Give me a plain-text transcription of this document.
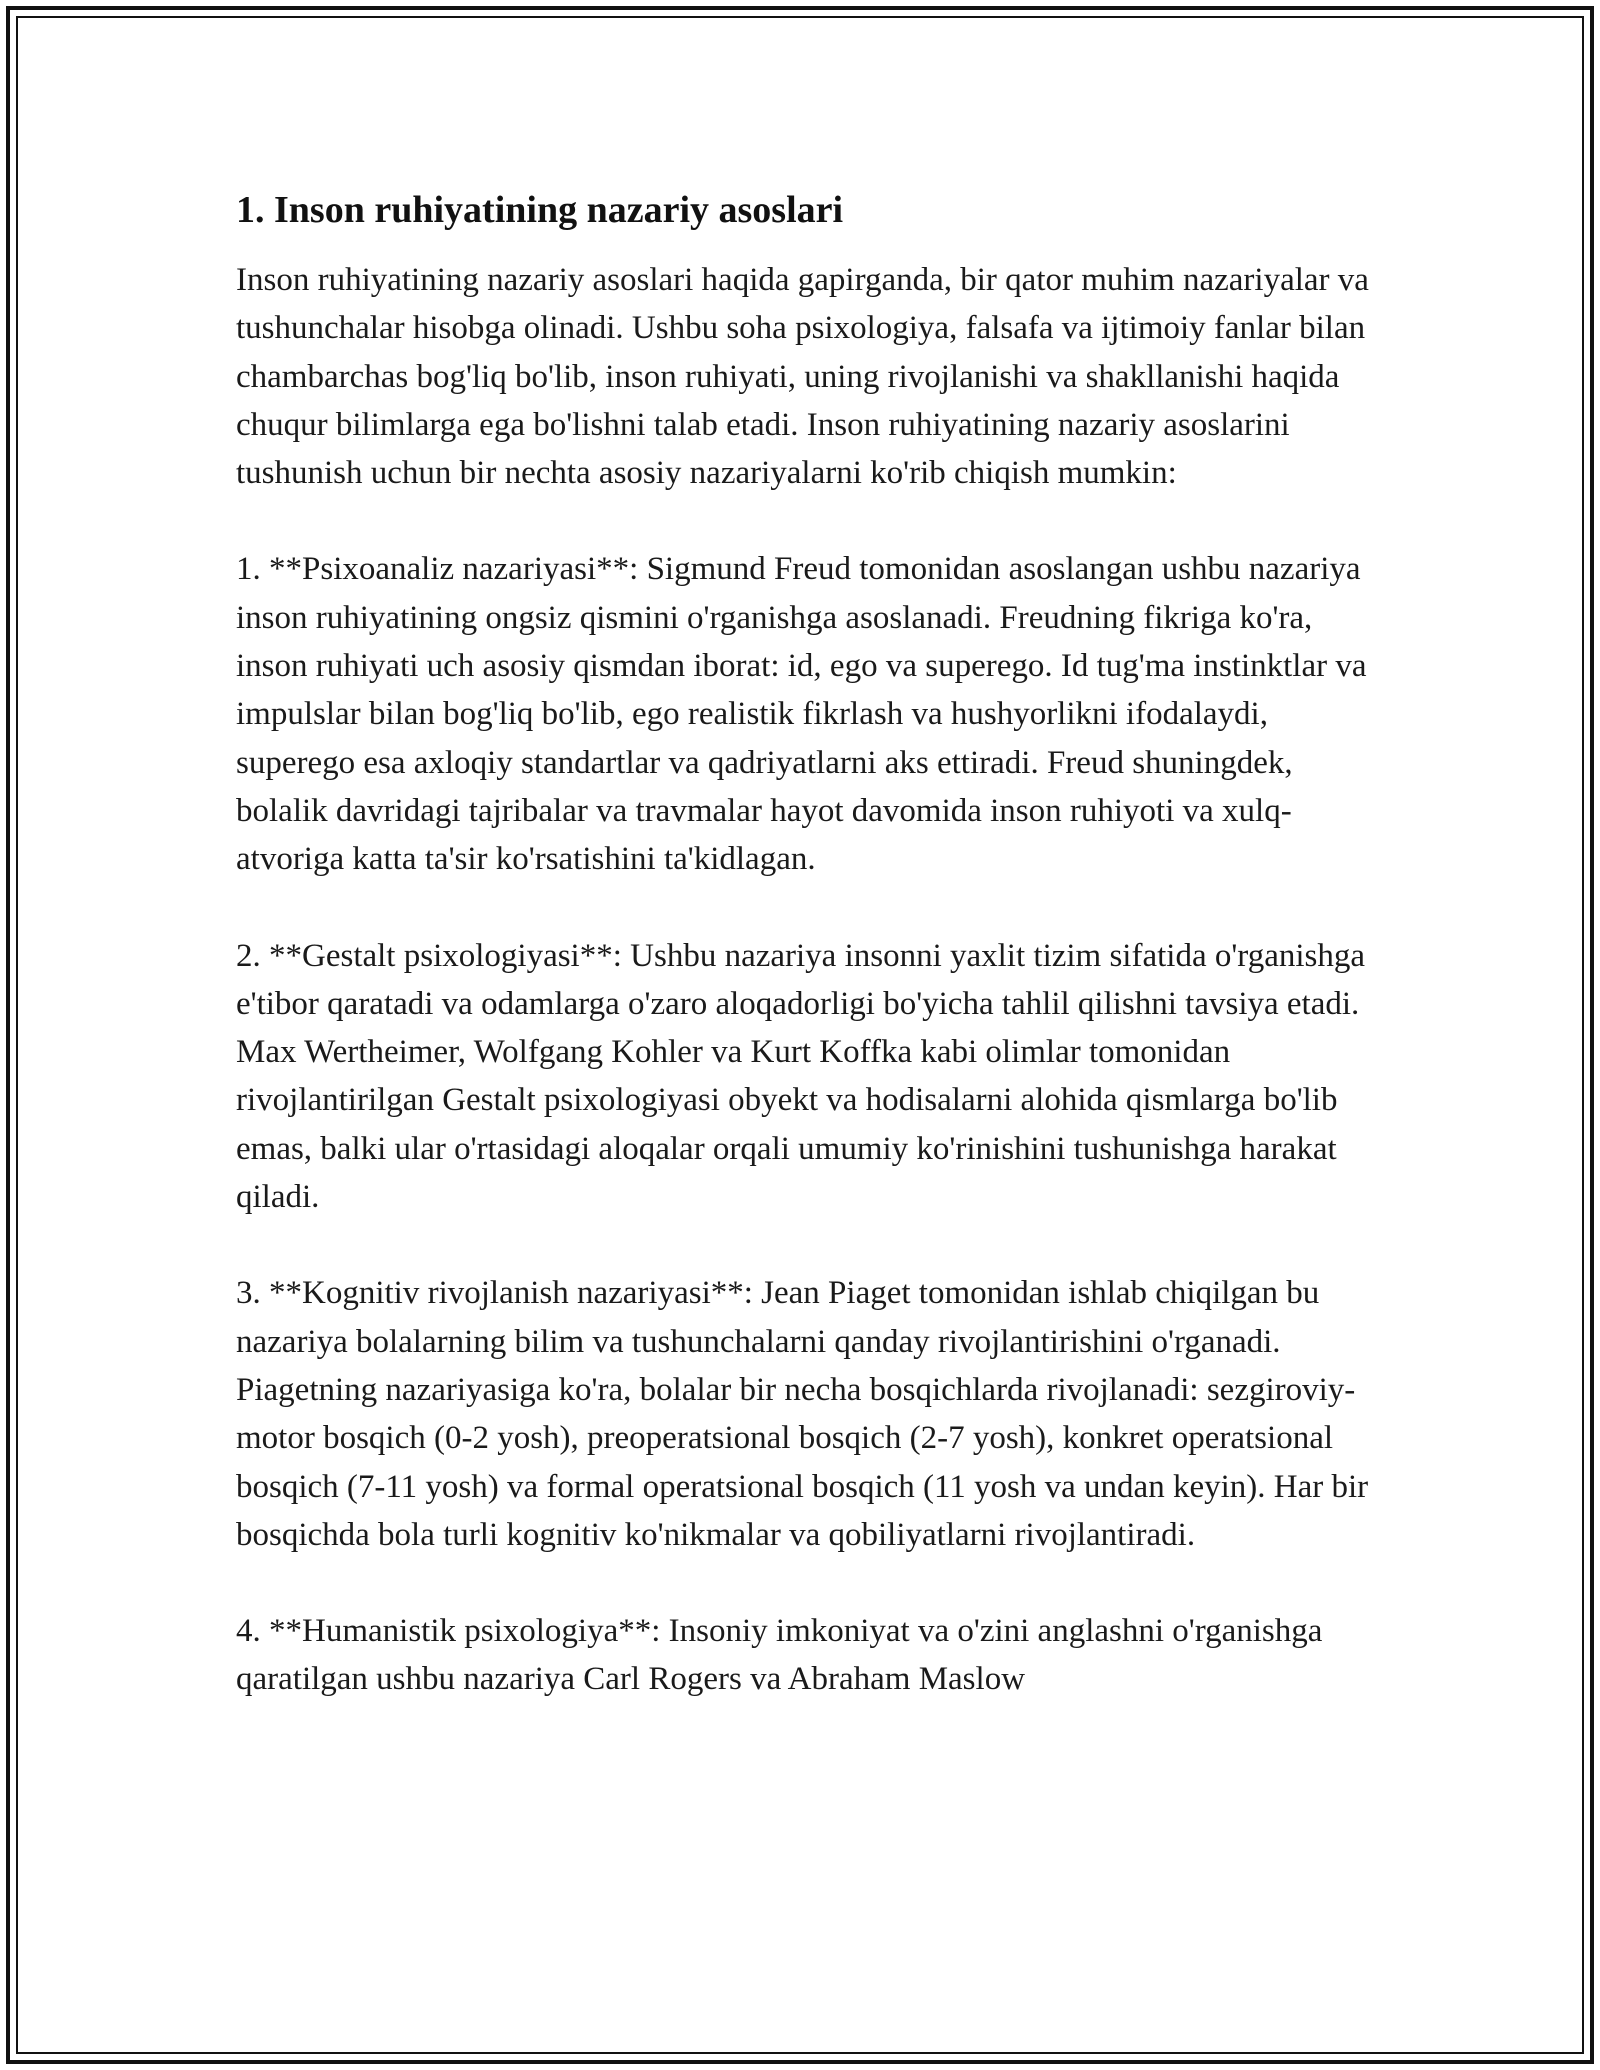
1. Inson ruhiyatining nazariy asoslari

Inson ruhiyatining nazariy asoslari haqida gapirganda, bir qator muhim nazariyalar va tushunchalar hisobga olinadi. Ushbu soha psixologiya, falsafa va ijtimoiy fanlar bilan chambarchas bog'liq bo'lib, inson ruhiyati, uning rivojlanishi va shakllanishi haqida chuqur bilimlarga ega bo'lishni talab etadi. Inson ruhiyatining nazariy asoslarini tushunish uchun bir nechta asosiy nazariyalarni ko'rib chiqish mumkin:

1. **Psixoanaliz nazariyasi**: Sigmund Freud tomonidan asoslangan ushbu nazariya inson ruhiyatining ongsiz qismini o'rganishga asoslanadi. Freudning fikriga ko'ra, inson ruhiyati uch asosiy qismdan iborat: id, ego va superego. Id tug'ma instinktlar va impulslar bilan bog'liq bo'lib, ego realistik fikrlash va hushyorlikni ifodalaydi, superego esa axloqiy standartlar va qadriyatlarni aks ettiradi. Freud shuningdek, bolalik davridagi tajribalar va travmalar hayot davomida inson ruhiyoti va xulq-atvoriga katta ta'sir ko'rsatishini ta'kidlagan.

2. **Gestalt psixologiyasi**: Ushbu nazariya insonni yaxlit tizim sifatida o'rganishga e'tibor qaratadi va odamlarga o'zaro aloqadorligi bo'yicha tahlil qilishni tavsiya etadi. Max Wertheimer, Wolfgang Kohler va Kurt Koffka kabi olimlar tomonidan rivojlantirilgan Gestalt psixologiyasi obyekt va hodisalarni alohida qismlarga bo'lib emas, balki ular o'rtasidagi aloqalar orqali umumiy ko'rinishini tushunishga harakat qiladi.

3. **Kognitiv rivojlanish nazariyasi**: Jean Piaget tomonidan ishlab chiqilgan bu nazariya bolalarning bilim va tushunchalarni qanday rivojlantirishini o'rganadi. Piagetning nazariyasiga ko'ra, bolalar bir necha bosqichlarda rivojlanadi: sezgiroviy-motor bosqich (0-2 yosh), preoperatsional bosqich (2-7 yosh), konkret operatsional bosqich (7-11 yosh) va formal operatsional bosqich (11 yosh va undan keyin). Har bir bosqichda bola turli kognitiv ko'nikmalar va qobiliyatlarni rivojlantiradi.

4. **Humanistik psixologiya**: Insoniy imkoniyat va o'zini anglashni o'rganishga qaratilgan ushbu nazariya Carl Rogers va Abraham Maslow
